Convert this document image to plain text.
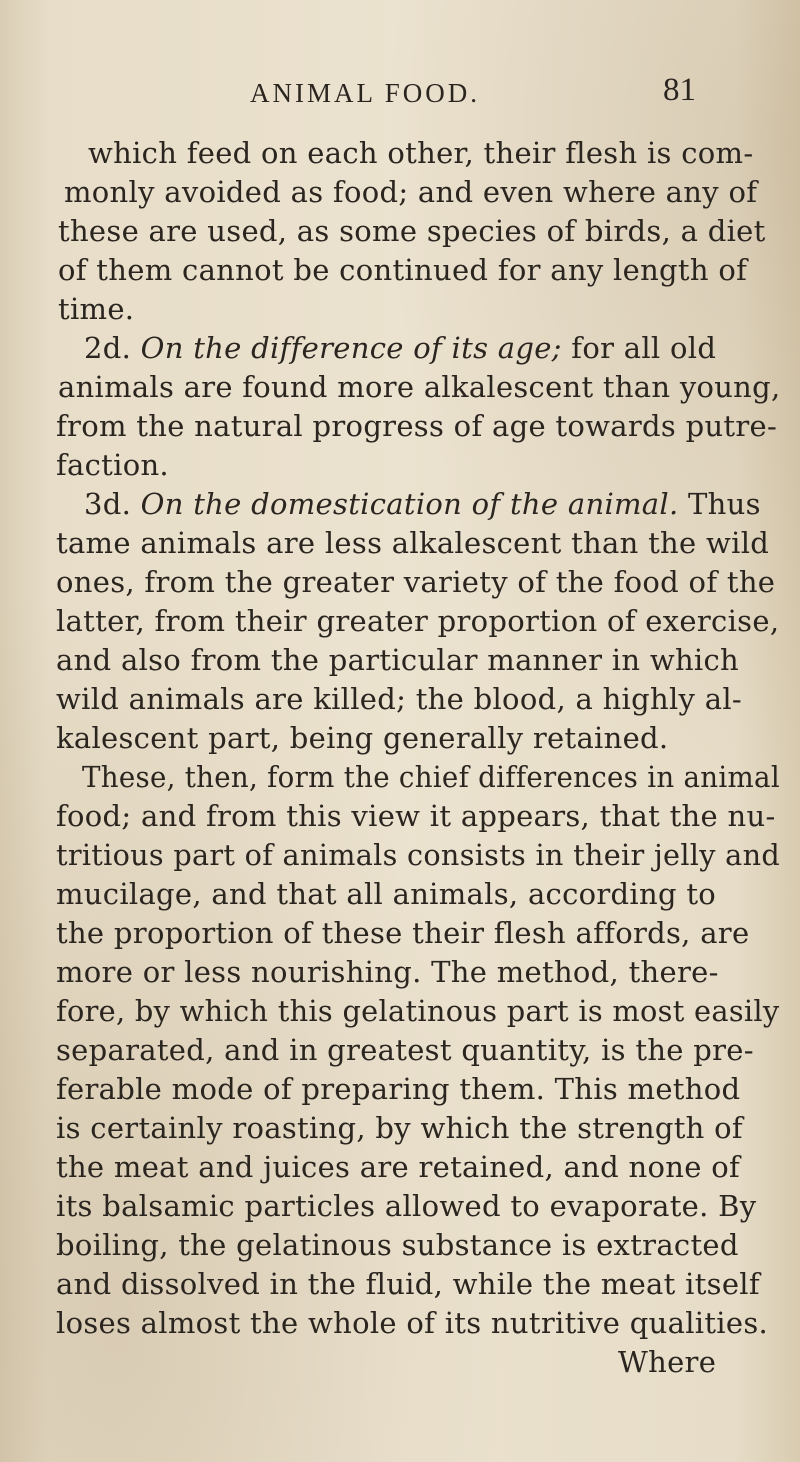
ANIMAL FOOD.	81
which feed on each other, their flesh is com-
monly avoided as food; and even where any of
these are used, as some species of birds, a diet
of them cannot be continued for any length of
time.
2d. On the difference of its age; for all old
animals are found more alkalescent than young,
from the natural progress of age towards putre-
faction.
3d. On the domestication of the animal. Thus
tame animals are less alkalescent than the wild
ones, from the greater variety of the food of the
latter, from their greater proportion of exercise,
and also from the particular manner in which
wild animals are killed; the blood, a highly al-
kalescent part, being generally retained.
These, then, form the chief differences in animal
food; and from this view it appears, that the nu-
tritious part of animals consists in their jelly and
mucilage, and that all animals, according to
the proportion of these their flesh affords, are
more or less nourishing. The method, there-
fore, by which this gelatinous part is most easily
separated, and in greatest quantity, is the pre-
ferable mode of preparing them. This method
is certainly roasting, by which the strength of
the meat and juices are retained, and none of
its balsamic particles allowed to evaporate. By
boiling, the gelatinous substance is extracted
and dissolved in the fluid, while the meat itself
loses almost the whole of its nutritive qualities.
Where
